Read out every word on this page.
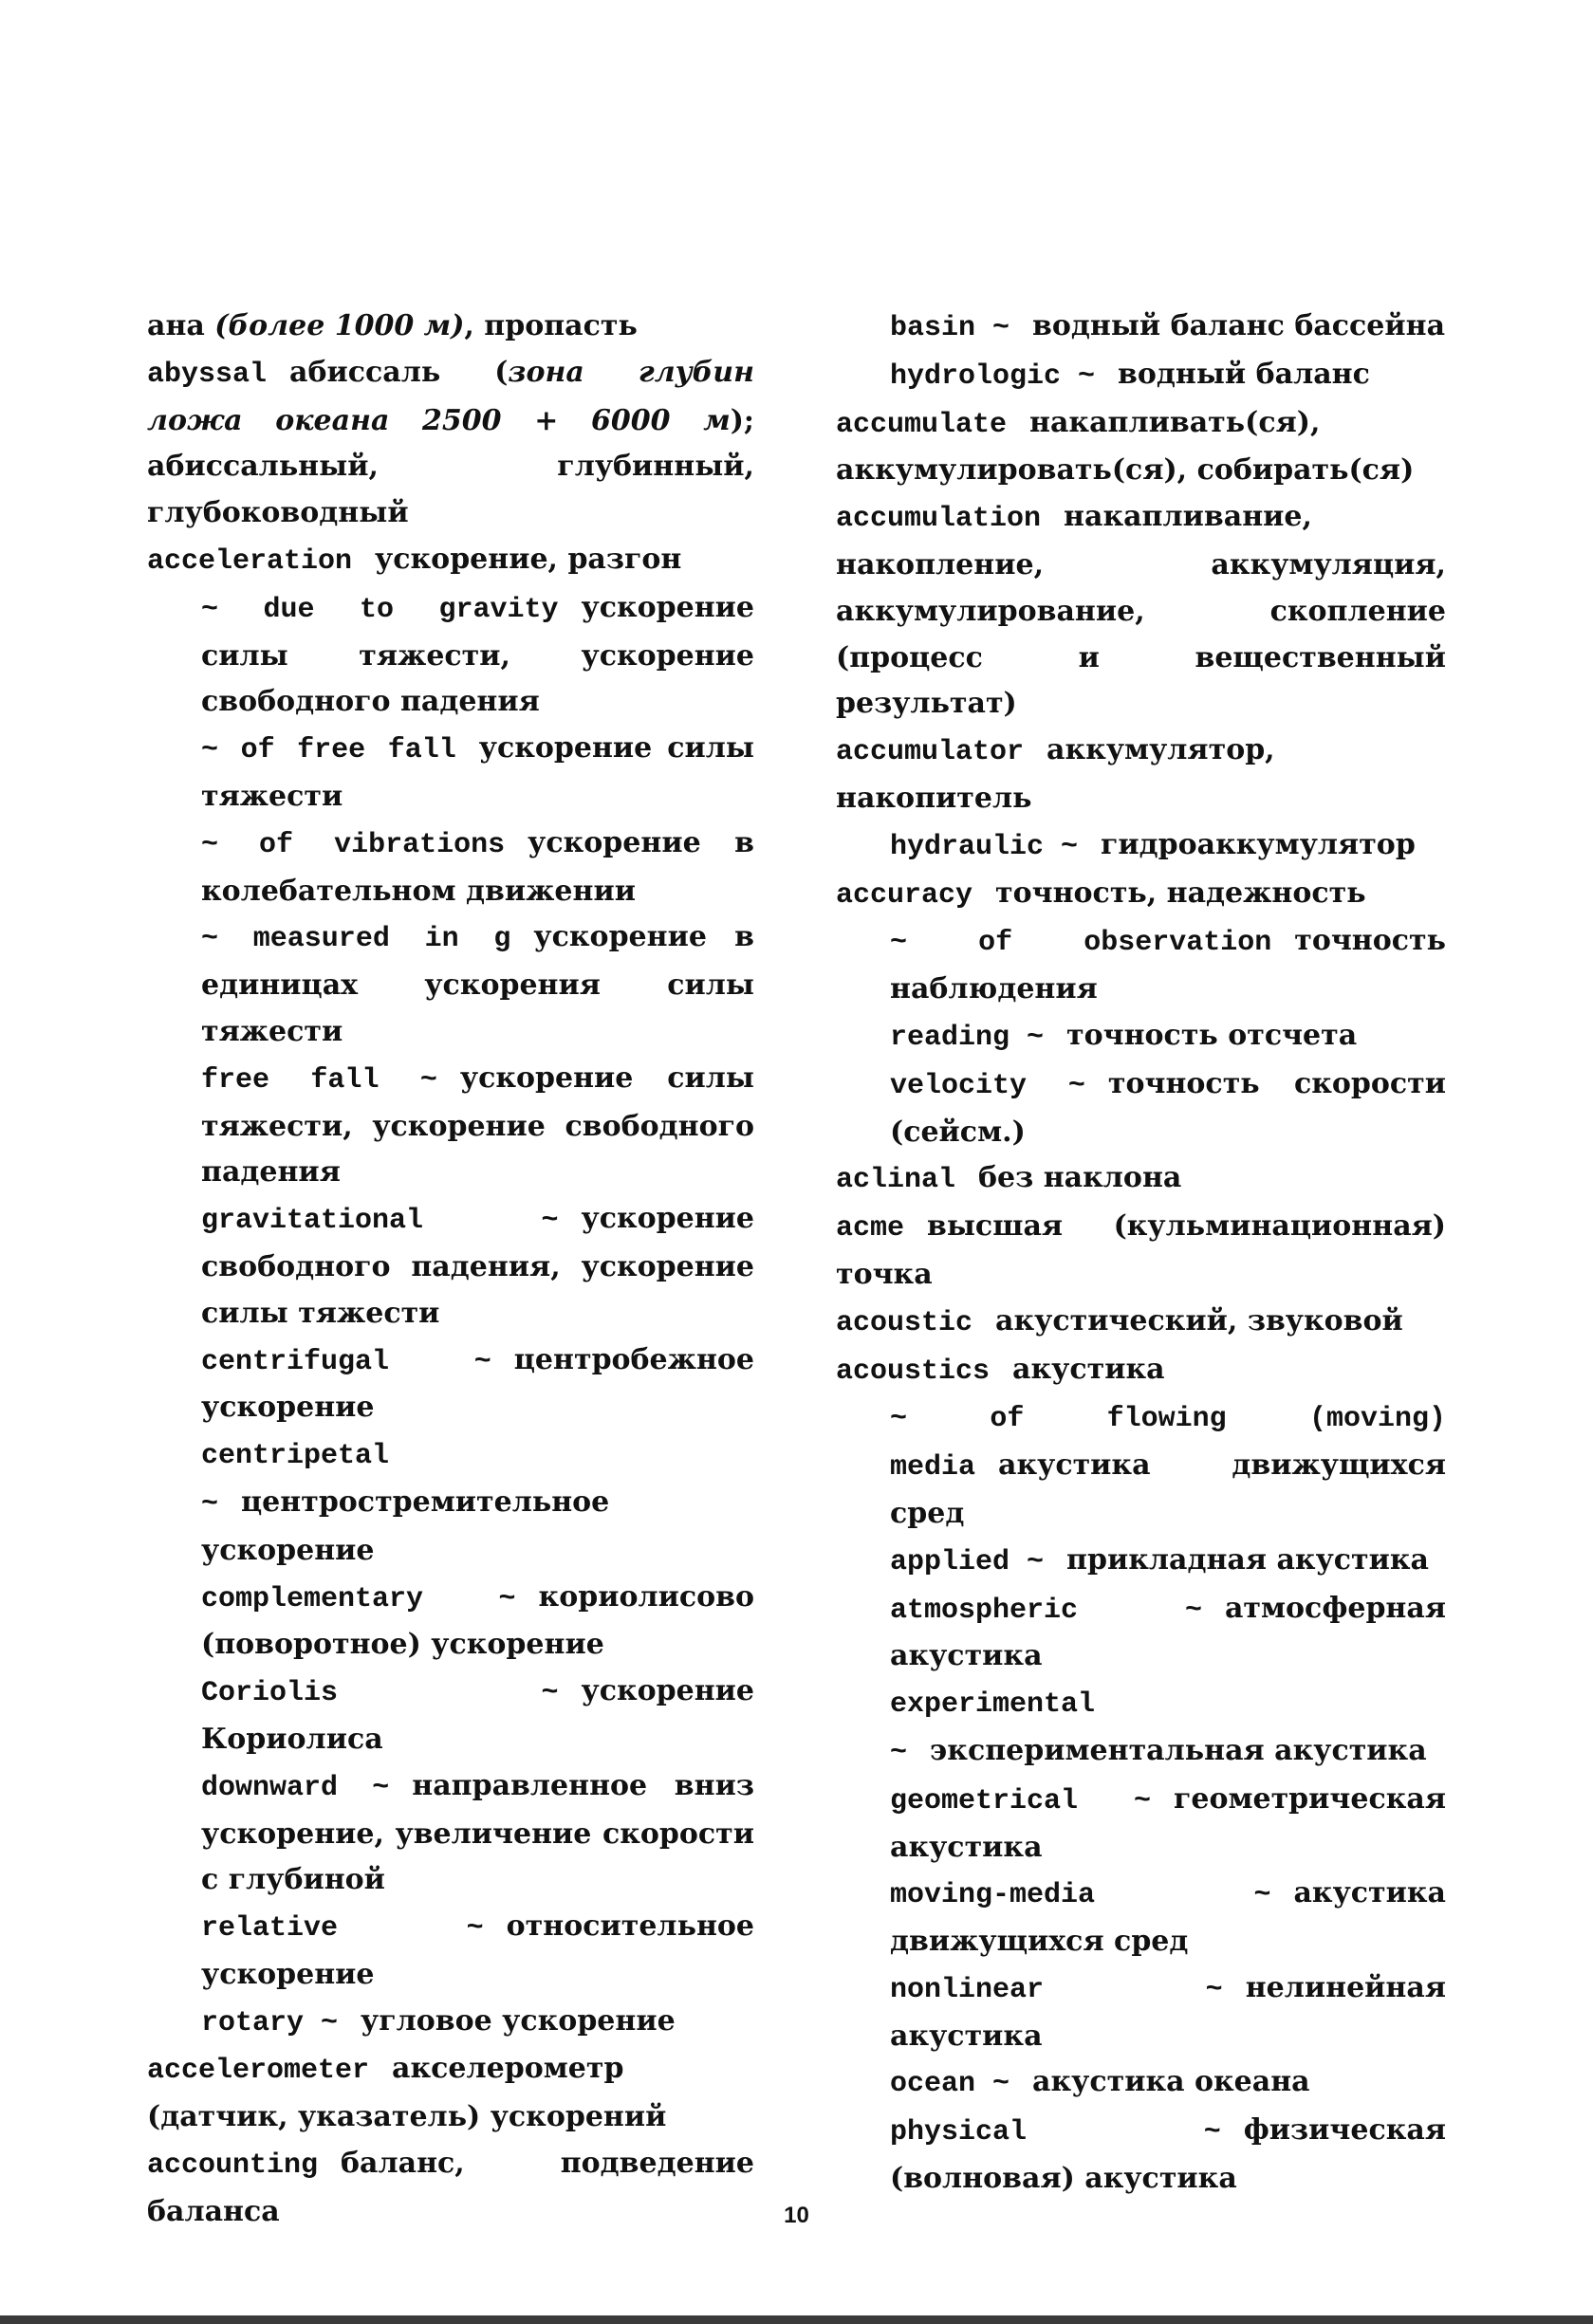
ана (более 1000 м), пропасть
abyssal абиссаль (зона глубин ложа океана 2500 + 6000 м); абиссальный, глубинный, глубоководный
acceleration ускорение, разгон
~ due to gravity ускорение силы тяжести, ускорение свободного падения
~ of free fall ускорение силы тяжести
~ of vibrations ускорение в колебательном движении
~ measured in g ускорение в единицах ускорения силы тяжести
free fall ~ ускорение силы тяжести, ускорение свободного падения
gravitational ~ ускорение свободного падения, ускорение силы тяжести
centrifugal ~ центробежное ускорение
centripetal ~ центростремительное ускорение
complementary ~ кориолисово (поворотное) ускорение
Coriolis ~ ускорение Кориолиса
downward ~ направленное вниз ускорение, увеличение скорости с глубиной
relative ~ относительное ускорение
rotary ~ угловое ускорение
accelerometer акселерометр (датчик, указатель) ускорений
accounting баланс, подведение баланса
basin ~ водный баланс бассейна
hydrologic ~ водный баланс
accumulate накапливать(ся), аккумулировать(ся), собирать(ся)
accumulation накапливание, накопление, аккумуляция, аккумулирование, скопление (процесс и вещественный результат)
accumulator аккумулятор, накопитель
hydraulic ~ гидроаккумулятор
accuracy точность, надежность
~ of observation точность наблюдения
reading ~ точность отсчета
velocity ~ точность скорости (сейсм.)
aclinal без наклона
acme высшая (кульминационная) точка
acoustic акустический, звуковой
acoustics акустика
~ of flowing (moving) media акустика движущихся сред
applied ~ прикладная акустика
atmospheric ~ атмосферная акустика
experimental ~ экспериментальная акустика
geometrical ~ геометрическая акустика
moving-media ~ акустика движущихся сред
nonlinear ~ нелинейная акустика
ocean ~ акустика океана
physical ~ физическая (волновая) акустика
10
